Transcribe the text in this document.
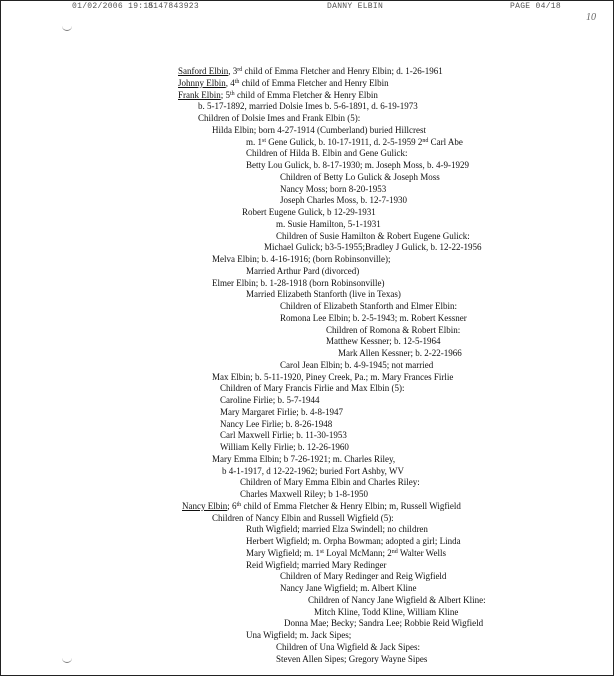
01/02/2006 19:15
8147843923	DANNY ELBIN	PAGE 04/18
10
Sanford Elbin, 3rd child of Emma Fletcher and Henry Elbin; d. 1-26-1961
Johnny Elbin, 4th child of Emma Fletcher and Henry Elbin
Frank Elbin; 5th child of Emma Fletcher & Henry Elbin
b. 5-17-1892, married Dolsie Imes b. 5-6-1891, d. 6-19-1973
Children of Dolsie Imes and Frank Elbin (5):
Hilda Elbin; born 4-27-1914 (Cumberland) buried Hillcrest
m. 1st Gene Gulick, b. 10-17-1911, d. 2-5-1959 2nd Carl Abe
Children of Hilda B. Elbin and Gene Gulick:
Betty Lou Gulick, b. 8-17-1930; m. Joseph Moss, b. 4-9-1929
Children of Betty Lo Gulick & Joseph Moss
Nancy Moss; born 8-20-1953
Joseph Charles Moss, b. 12-7-1930
Robert Eugene Gulick, b 12-29-1931
m. Susie Hamilton, 5-1-1931
Children of Susie Hamilton & Robert Eugene Gulick:
Michael Gulick; b3-5-1955;Bradley J Gulick, b. 12-22-1956
Melva Elbin; b. 4-16-1916; (born Robinsonville);
Married Arthur Pard (divorced)
Elmer Elbin; b. 1-28-1918 (born Robinsonville)
Married Elizabeth Stanforth (live in Texas)
Children of Elizabeth Stanforth and Elmer Elbin:
Romona Lee Elbin; b. 2-5-1943; m. Robert Kessner
Children of Romona & Robert Elbin:
Matthew Kessner; b. 12-5-1964
Mark Allen Kessner; b. 2-22-1966
Carol Jean Elbin; b. 4-9-1945; not married
Max Elbin; b. 5-11-1920, Piney Creek, Pa.; m. Mary Frances Firlie
Children of Mary Francis Firlie and Max Elbin (5):
Caroline Firlie; b. 5-7-1944
Mary Margaret Firlie; b. 4-8-1947
Nancy Lee Firlie; b. 8-26-1948
Carl Maxwell Firlie; b. 11-30-1953
William Kelly Firlie; b. 12-26-1960
Mary Emma Elbin; b 7-26-1921; m. Charles Riley,
b 4-1-1917, d 12-22-1962; buried Fort Ashby, WV
Children of Mary Emma Elbin and Charles Riley:
Charles Maxwell Riley; b 1-8-1950
Nancy Elbin; 6th child of Emma Fletcher & Henry Elbin; m, Russell Wigfield
Children of Nancy Elbin and Russell Wigfield (5):
Ruth Wigfield; married Elza Swindell; no children
Herbert Wigfield; m. Orpha Bowman; adopted a girl; Linda
Mary Wigfield; m. 1st Loyal McMann; 2nd Walter Wells
Reid Wigfield; married Mary Redinger
Children of Mary Redinger and Reig Wigfield
Nancy Jane Wigfield; m. Albert Kline
Children of Nancy Jane Wigfield & Albert Kline:
Mitch Kline, Todd Kline, William Kline
Donna Mae; Becky; Sandra Lee; Robbie Reid Wigfield
Una Wigfield; m. Jack Sipes;
Children of Una Wigfield & Jack Sipes:
Steven Allen Sipes; Gregory Wayne Sipes
